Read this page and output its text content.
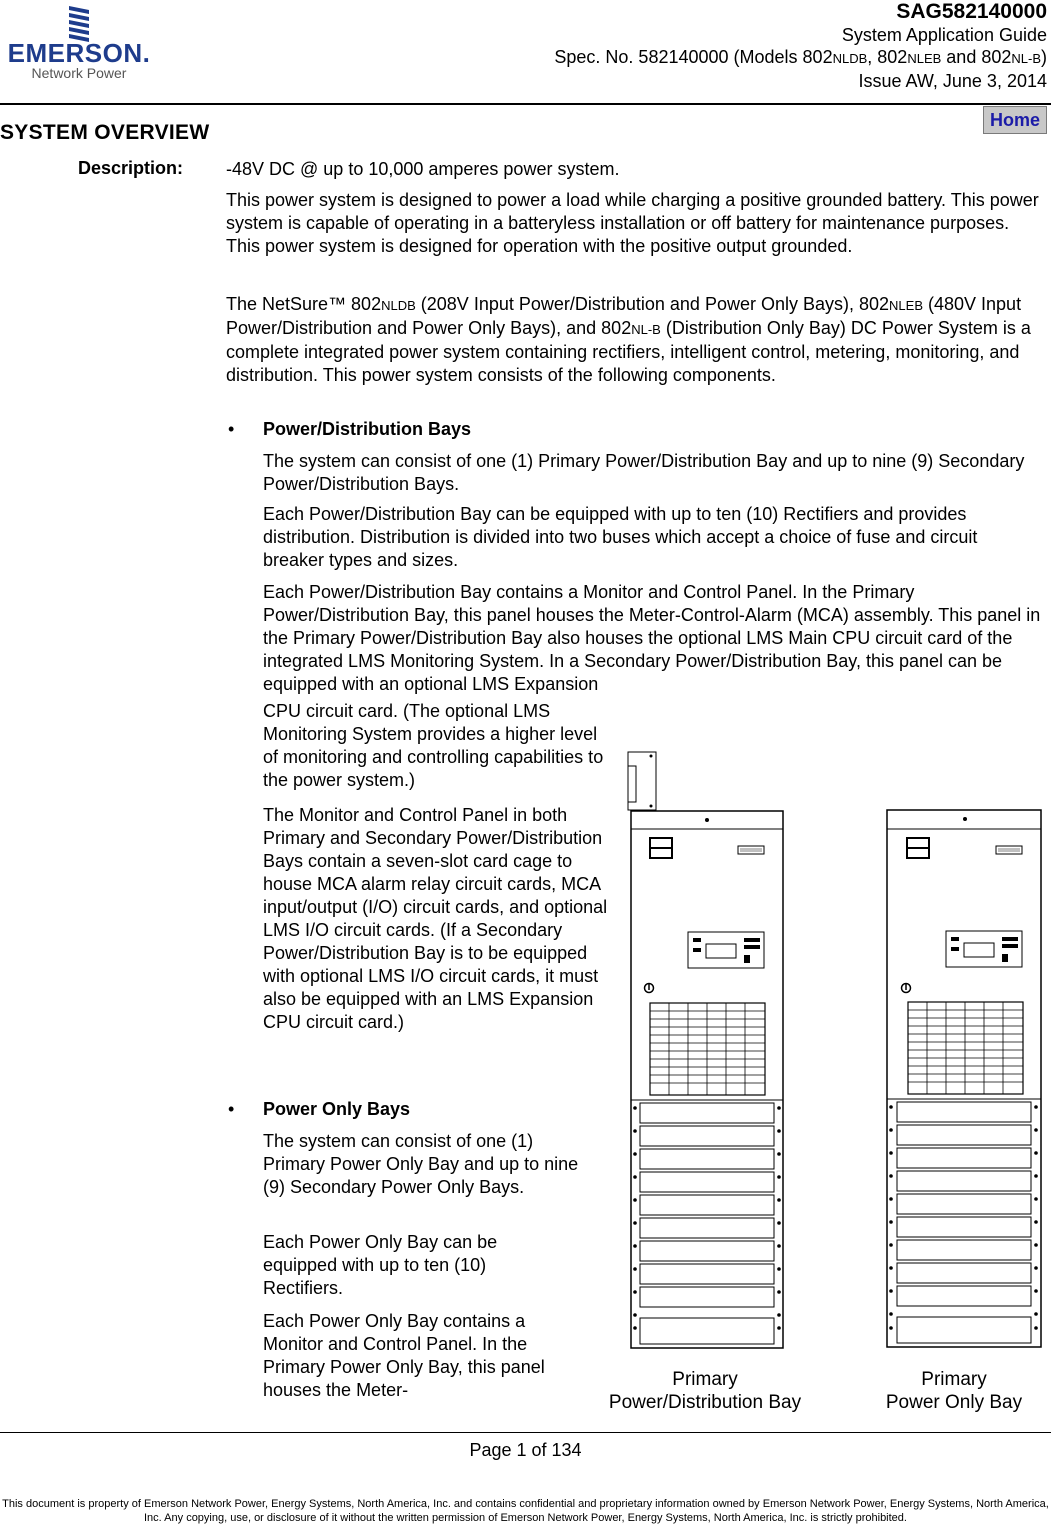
EMERSON.
Network Power
SAG582140000
System Application Guide
Spec. No. 582140000 (Models 802NLDB, 802NLEB and 802NL-B)
Issue AW, June 3, 2014
SYSTEM OVERVIEW
Home
Description: -48V DC @ up to 10,000 amperes power system.

This power system is designed to power a load while charging a positive grounded battery. This power system is capable of operating in a batteryless installation or off battery for maintenance purposes. This power system is designed for operation with the positive output grounded.

The NetSure™ 802NLDB (208V Input Power/Distribution and Power Only Bays), 802NLEB (480V Input Power/Distribution and Power Only Bays), and 802NL-B (Distribution Only Bay) DC Power System is a complete integrated power system containing rectifiers, intelligent control, metering, monitoring, and distribution. This power system consists of the following components.

• Power/Distribution Bays

The system can consist of one (1) Primary Power/Distribution Bay and up to nine (9) Secondary Power/Distribution Bays.

Each Power/Distribution Bay can be equipped with up to ten (10) Rectifiers and provides distribution. Distribution is divided into two buses which accept a choice of fuse and circuit breaker types and sizes.

Each Power/Distribution Bay contains a Monitor and Control Panel. In the Primary Power/Distribution Bay, this panel houses the Meter-Control-Alarm (MCA) assembly. This panel in the Primary Power/Distribution Bay also houses the optional LMS Main CPU circuit card of the integrated LMS Monitoring System. In a Secondary Power/Distribution Bay, this panel can be equipped with an optional LMS Expansion

CPU circuit card. (The optional LMS Monitoring System provides a higher level of monitoring and controlling capabilities to the power system.)

The Monitor and Control Panel in both Primary and Secondary Power/Distribution Bays contain a seven-slot card cage to house MCA alarm relay circuit cards, MCA input/output (I/O) circuit cards, and optional LMS I/O circuit cards. (If a Secondary Power/Distribution Bay is to be equipped with optional LMS I/O circuit cards, it must also be equipped with an LMS Expansion CPU circuit card.)

• Power Only Bays

The system can consist of one (1) Primary Power Only Bay and up to nine (9) Secondary Power Only Bays.

Each Power Only Bay can be equipped with up to ten (10) Rectifiers.

Each Power Only Bay contains a Monitor and Control Panel. In the Primary Power Only Bay, this panel houses the Meter-	Primary
Power/Distribution Bay
Primary
Power Only Bay
Page 1 of 134
This document is property of Emerson Network Power, Energy Systems, North America, Inc. and contains confidential and proprietary information owned by Emerson Network Power, Energy Systems, North America, Inc. Any copying, use, or disclosure of it without the written permission of Emerson Network Power, Energy Systems, North America, Inc. is strictly prohibited.
